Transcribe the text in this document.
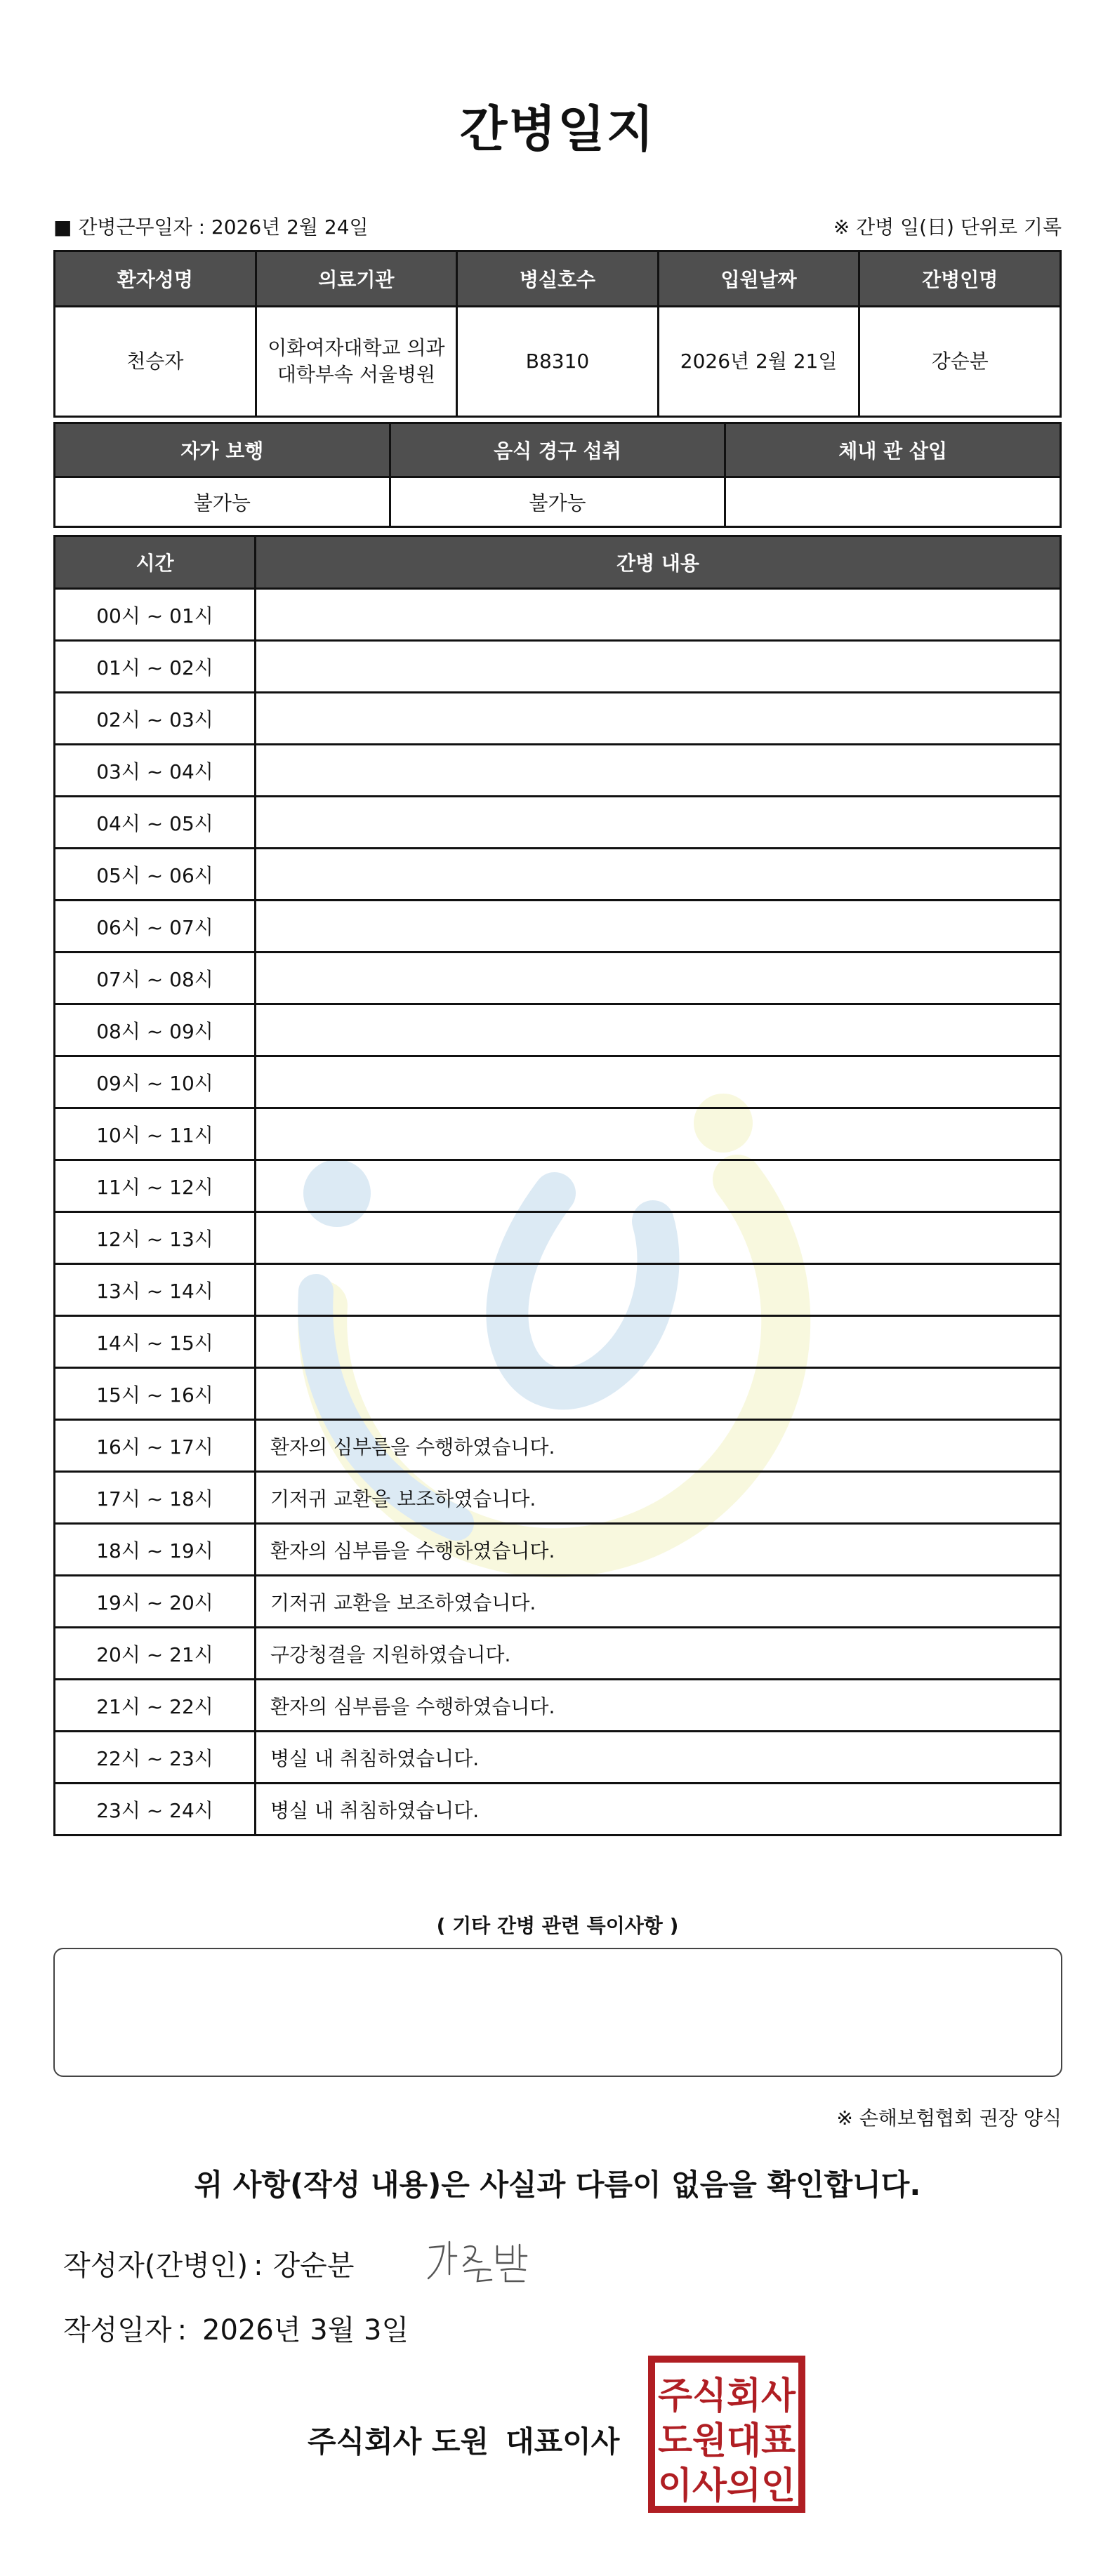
간병일지
■ 간병근무일자 : 2026년 2월 24일	※ 간병 일(日) 단위로 기록
환자성명	의료기관	병실호수	입원날짜	간병인명
천승자	이화여자대학교 의과대학부속 서울병원	B8310	2026년 2월 21일	강순분
자가 보행	음식 경구 섭취	체내 관 삽입
불가능	불가능	
시간	간병 내용
00시 ~ 01시	
01시 ~ 02시	
02시 ~ 03시	
03시 ~ 04시	
04시 ~ 05시	
05시 ~ 06시	
06시 ~ 07시	
07시 ~ 08시	
08시 ~ 09시	
09시 ~ 10시	
10시 ~ 11시	
11시 ~ 12시	
12시 ~ 13시	
13시 ~ 14시	
14시 ~ 15시	
15시 ~ 16시	
16시 ~ 17시	환자의 심부름을 수행하였습니다.
17시 ~ 18시	기저귀 교환을 보조하였습니다.
18시 ~ 19시	환자의 심부름을 수행하였습니다.
19시 ~ 20시	기저귀 교환을 보조하였습니다.
20시 ~ 21시	구강청결을 지원하였습니다.
21시 ~ 22시	환자의 심부름을 수행하였습니다.
22시 ~ 23시	병실 내 취침하였습니다.
23시 ~ 24시	병실 내 취침하였습니다.
( 기타 간병 관련 특이사항 )
※ 손해보험협회 권장 양식
위 사항(작성 내용)은 사실과 다름이 없음을 확인합니다.
작성자(간병인) : 강순분
작성일자 : 2026년 3월 3일
주식회사 도원 대표이사
주식회사
도원대표
이사의인
